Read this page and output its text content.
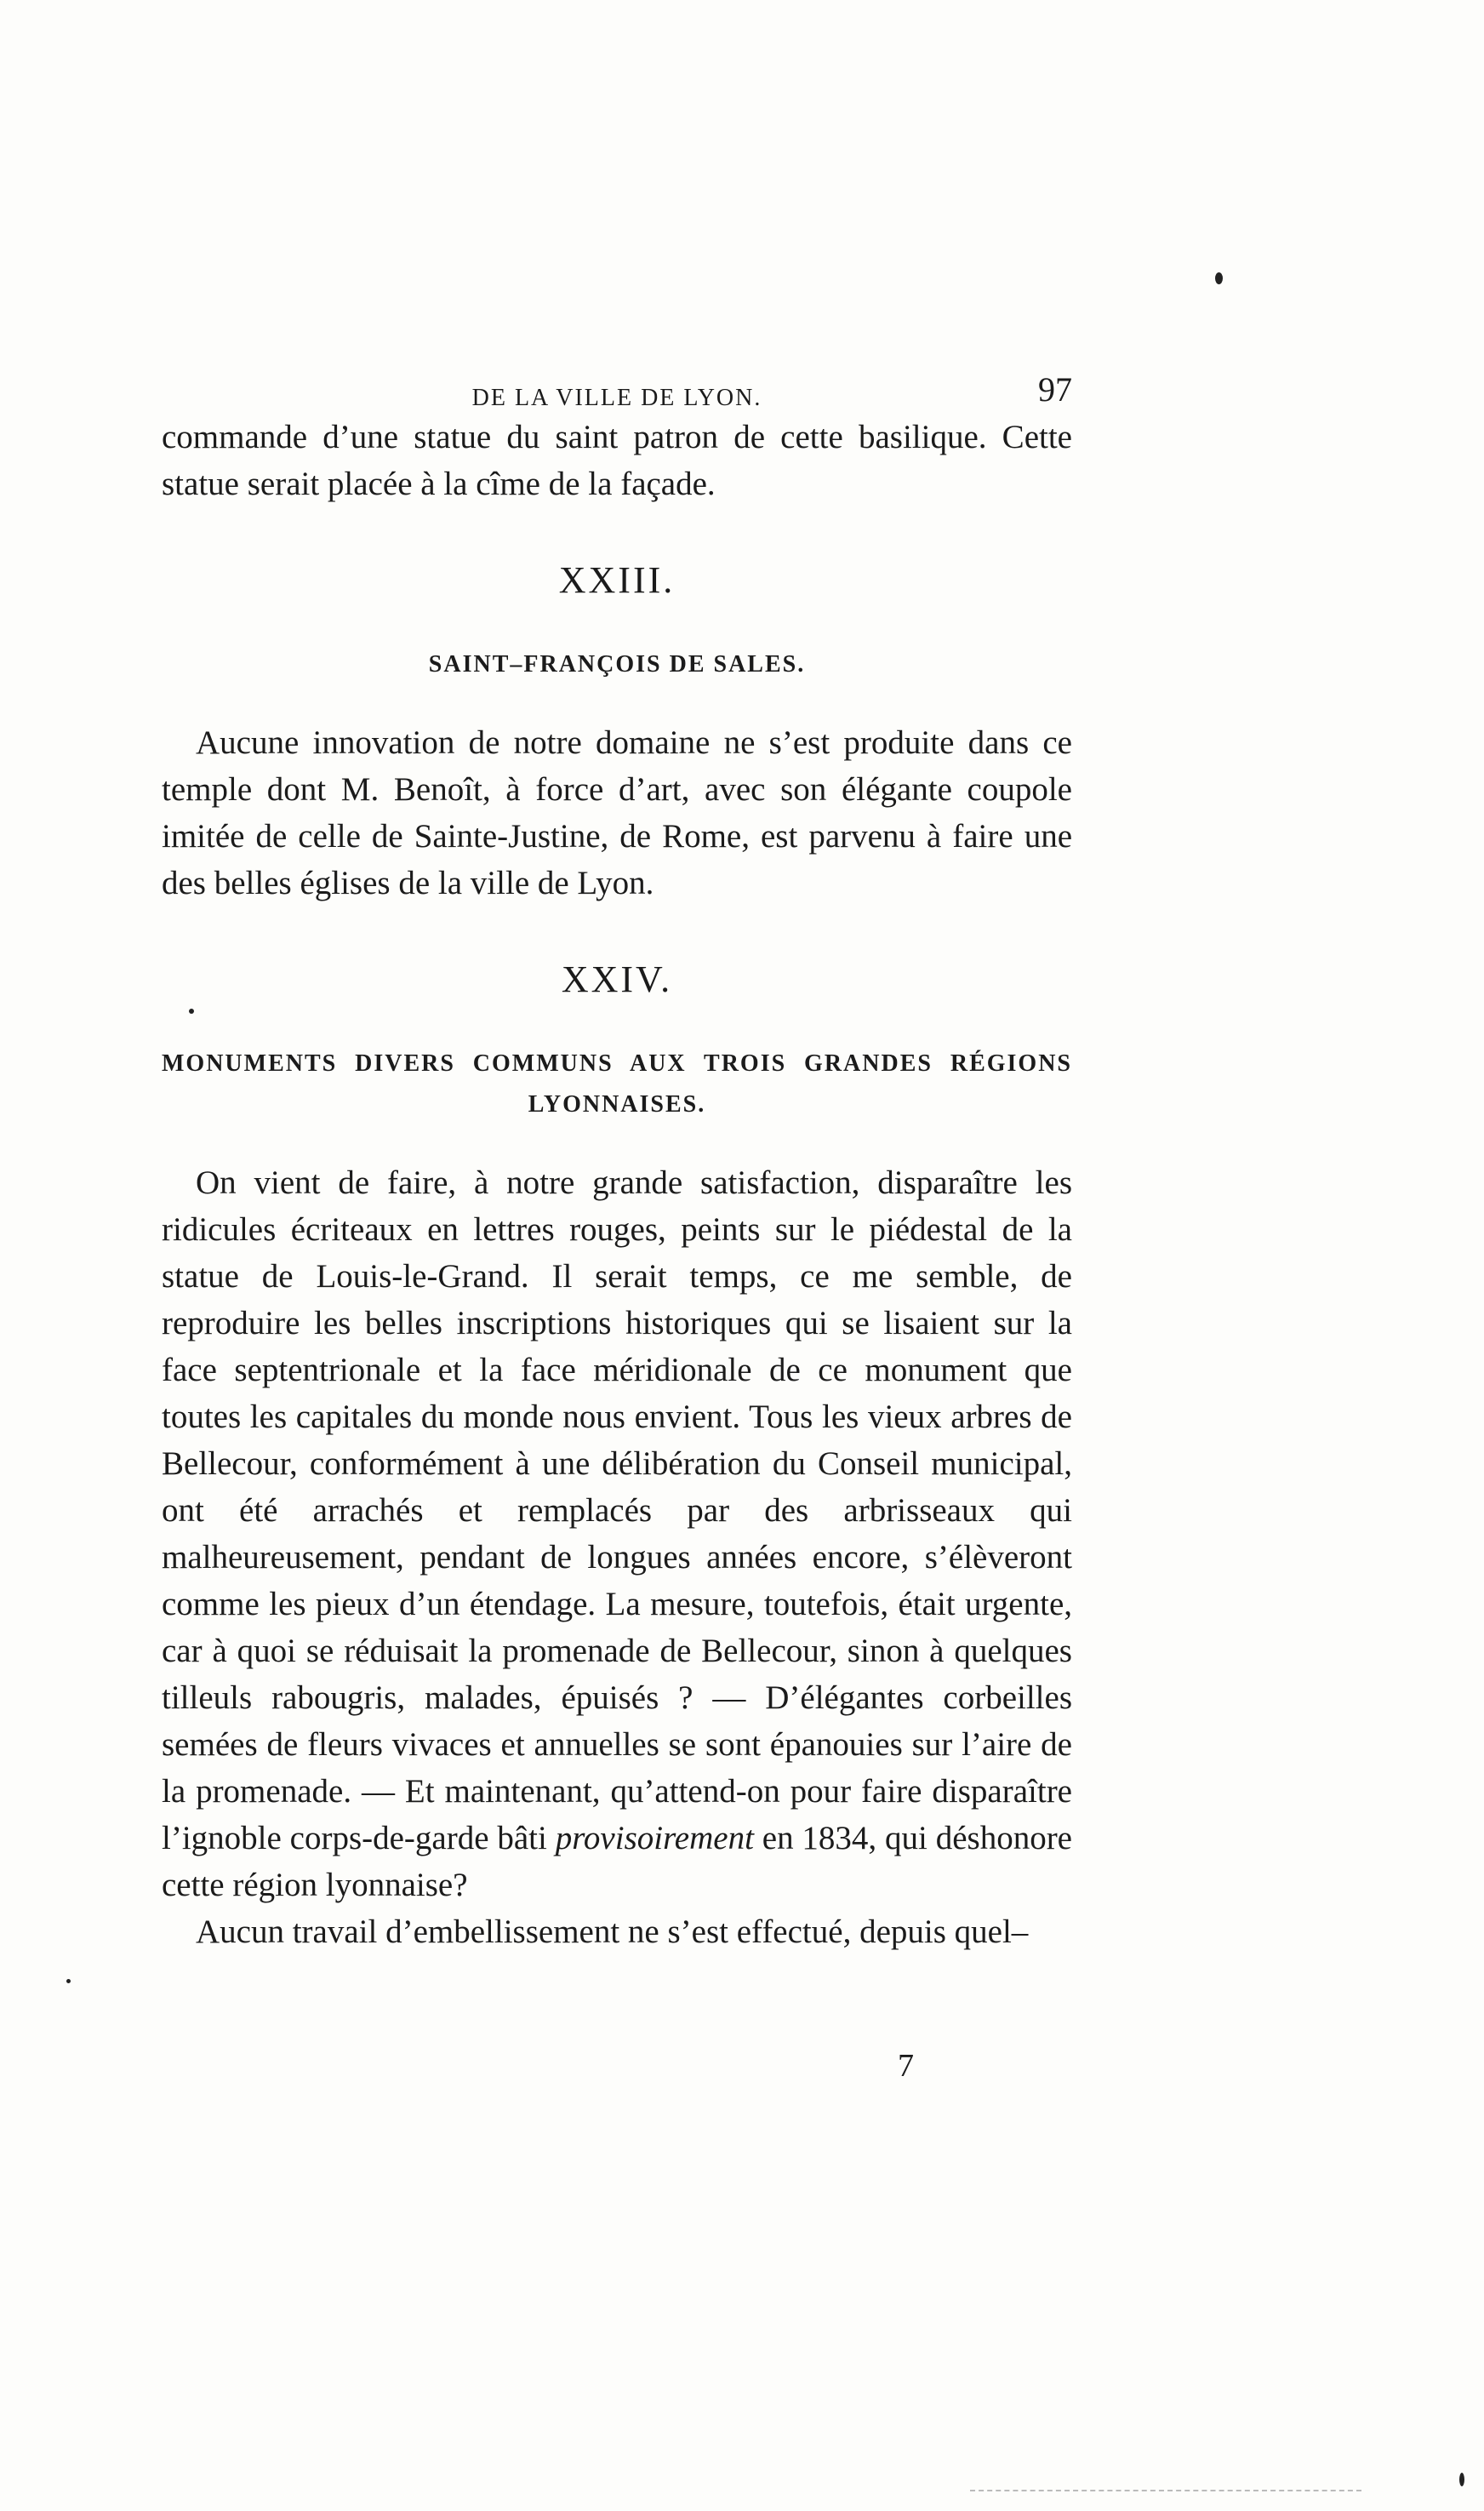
DE LA VILLE DE LYON.	97

commande d’une statue du saint patron de cette basilique. Cette statue serait placée à la cîme de la façade.

XXIII.
SAINT–FRANÇOIS DE SALES.

Aucune innovation de notre domaine ne s’est produite dans ce temple dont M. Benoît, à force d’art, avec son élégante coupole imitée de celle de Sainte-Justine, de Rome, est parvenu à faire une des belles églises de la ville de Lyon.

XXIV.
MONUMENTS DIVERS COMMUNS AUX TROIS GRANDES RÉGIONS LYONNAISES.

On vient de faire, à notre grande satisfaction, disparaître les ridicules écriteaux en lettres rouges, peints sur le piédestal de la statue de Louis-le-Grand. Il serait temps, ce me semble, de reproduire les belles inscriptions historiques qui se lisaient sur la face septentrionale et la face méridionale de ce monument que toutes les capitales du monde nous envient. Tous les vieux arbres de Bellecour, conformément à une délibération du Conseil municipal, ont été arrachés et remplacés par des arbrisseaux qui malheureusement, pendant de longues années encore, s’élèveront comme les pieux d’un étendage. La mesure, toutefois, était urgente, car à quoi se réduisait la promenade de Bellecour, sinon à quelques tilleuls rabougris, malades, épuisés ? — D’élégantes corbeilles semées de fleurs vivaces et annuelles se sont épanouies sur l’aire de la promenade. — Et maintenant, qu’attend-on pour faire disparaître l’ignoble corps-de-garde bâti provisoirement en 1834, qui déshonore cette région lyonnaise?

Aucun travail d’embellissement ne s’est effectué, depuis quel–

7
